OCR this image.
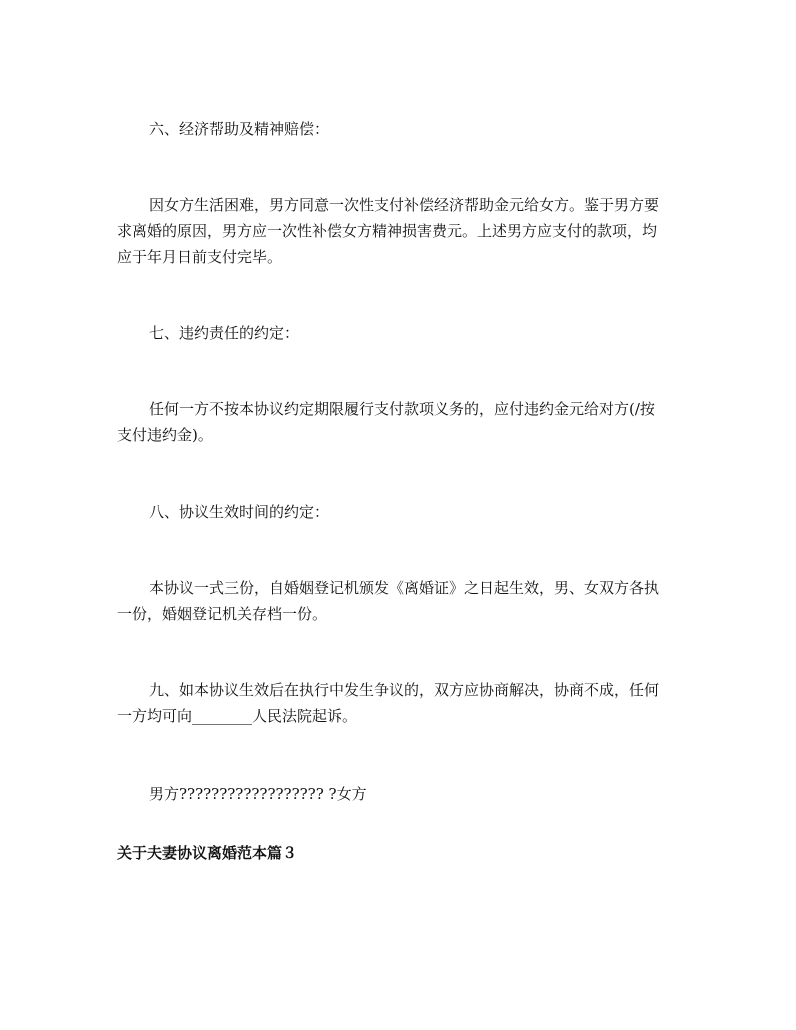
六、经济帮助及精神赔偿：
因女方生活困难，男方同意一次性支付补偿经济帮助金元给女方。鉴于男方要
求离婚的原因，男方应一次性补偿女方精神损害费元。上述男方应支付的款项，均
应于年月日前支付完毕。
七、违约责任的约定：
任何一方不按本协议约定期限履行支付款项义务的，应付违约金元给对方(/按
支付违约金)。
八、协议生效时间的约定：
本协议一式三份，自婚姻登记机颁发《离婚证》之日起生效，男、女双方各执
一份，婚姻登记机关存档一份。
九、如本协议生效后在执行中发生争议的，双方应协商解决，协商不成，任何
一方均可向________人民法院起诉。
男方?????????????????? ?女方
关于夫妻协议离婚范本篇３
